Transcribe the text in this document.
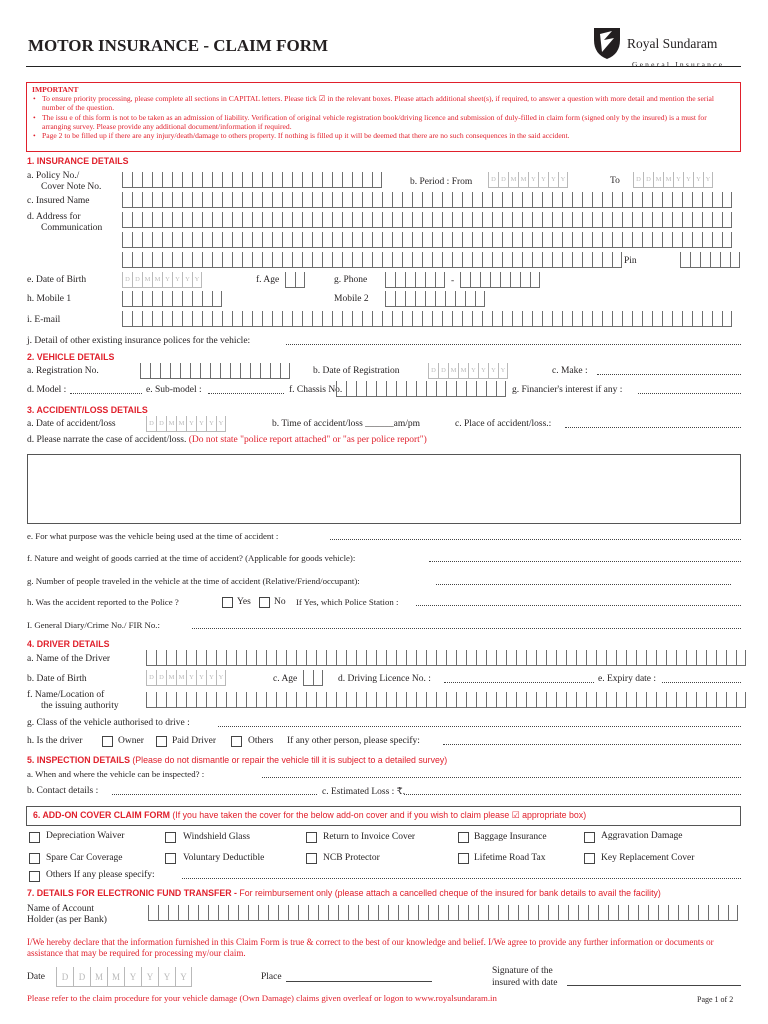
MOTOR INSURANCE - CLAIM FORM	Royal Sundaram
General Insurance
IMPORTANT
• To ensure priority processing, please complete all sections in CAPITAL letters. Please tick ☑ in the relevant boxes. Please attach additional sheet(s), if required, to answer a question with more detail and mention the serial number of the question.
• The issu e of this form is not to be taken as an admission of liability. Verification of original vehicle registration book/driving licence and submission of duly-filled in claim form (signed only by the insured) is a must for arranging survey. Please provide any additional document/information if required.
• Page 2 to be filled up if there are any injury/death/damage to others property. If nothing is filled up it will be deemed that there are no such consequences in the said accident.
1. INSURANCE DETAILS
a. Policy No./
Cover Note No.	b. Period : From	D D M M Y Y Y Y	To	D D M M Y Y Y Y
c. Insured Name
d. Address for
Communication
Pin
e. Date of Birth	D D M M Y Y Y Y	f. Age	g. Phone	-
h. Mobile 1	Mobile 2
i. E-mail
j. Detail of other existing insurance polices for the vehicle:
2. VEHICLE DETAILS
a. Registration No.	b. Date of Registration	D D M M Y Y Y Y	c. Make :
d. Model :	e. Sub-model :	f. Chassis No.	g. Financier's interest if any :
3. ACCIDENT/LOSS DETAILS
a. Date of accident/loss	D D M M Y Y Y Y	b. Time of accident/loss ______am/pm	c. Place of accident/loss.:
d. Please narrate the case of accident/loss. (Do not state "police report attached" or "as per police report")
e. For what purpose was the vehicle being used at the time of accident :
f. Nature and weight of goods carried at the time of accident? (Applicable for goods vehicle):
g. Number of people traveled in the vehicle at the time of accident (Relative/Friend/occupant):
h. Was the accident reported to the Police ?	Yes No If Yes, which Police Station :
I. General Diary/Crime No./ FIR No.:
4. DRIVER DETAILS
a. Name of the Driver
b. Date of Birth	D D M M Y Y Y Y	c. Age	d. Driving Licence No. :	e. Expiry date :
f. Name/Location of
the issuing authority
g. Class of the vehicle authorised to drive :
h. Is the driver	Owner	Paid Driver	Others If any other person, please specify:
5. INSPECTION DETAILS (Please do not dismantle or repair the vehicle till it is subject to a detailed survey)
a. When and where the vehicle can be inspected? :
b. Contact details :	c. Estimated Loss : ₹.
6. ADD-ON COVER CLAIM FORM (If you have taken the cover for the below add-on cover and if you wish to claim please ☑ appropriate box)
Depreciation Waiver	Windshield Glass	Return to Invoice Cover	Baggage Insurance	Aggravation Damage
Spare Car Coverage	Voluntary Deductible	NCB Protector	Lifetime Road Tax	Key Replacement Cover
Others If any please specify:
7. DETAILS FOR ELECTRONIC FUND TRANSFER - For reimbursement only (please attach a cancelled cheque of the insured for bank details to avail the facility)
Name of Account
Holder (as per Bank)
I/We hereby declare that the information furnished in this Claim Form is true & correct to the best of our knowledge and belief. I/We agree to provide any further information or documents or assistance that may be required for processing my/our claim.
Date	D	D	M M	Y	Y	Y	Y	Place
Signature of the
insured with date
Please refer to the claim procedure for your vehicle damage (Own Damage) claims given overleaf or logon to www.royalsundaram.in	Page 1 of 2
